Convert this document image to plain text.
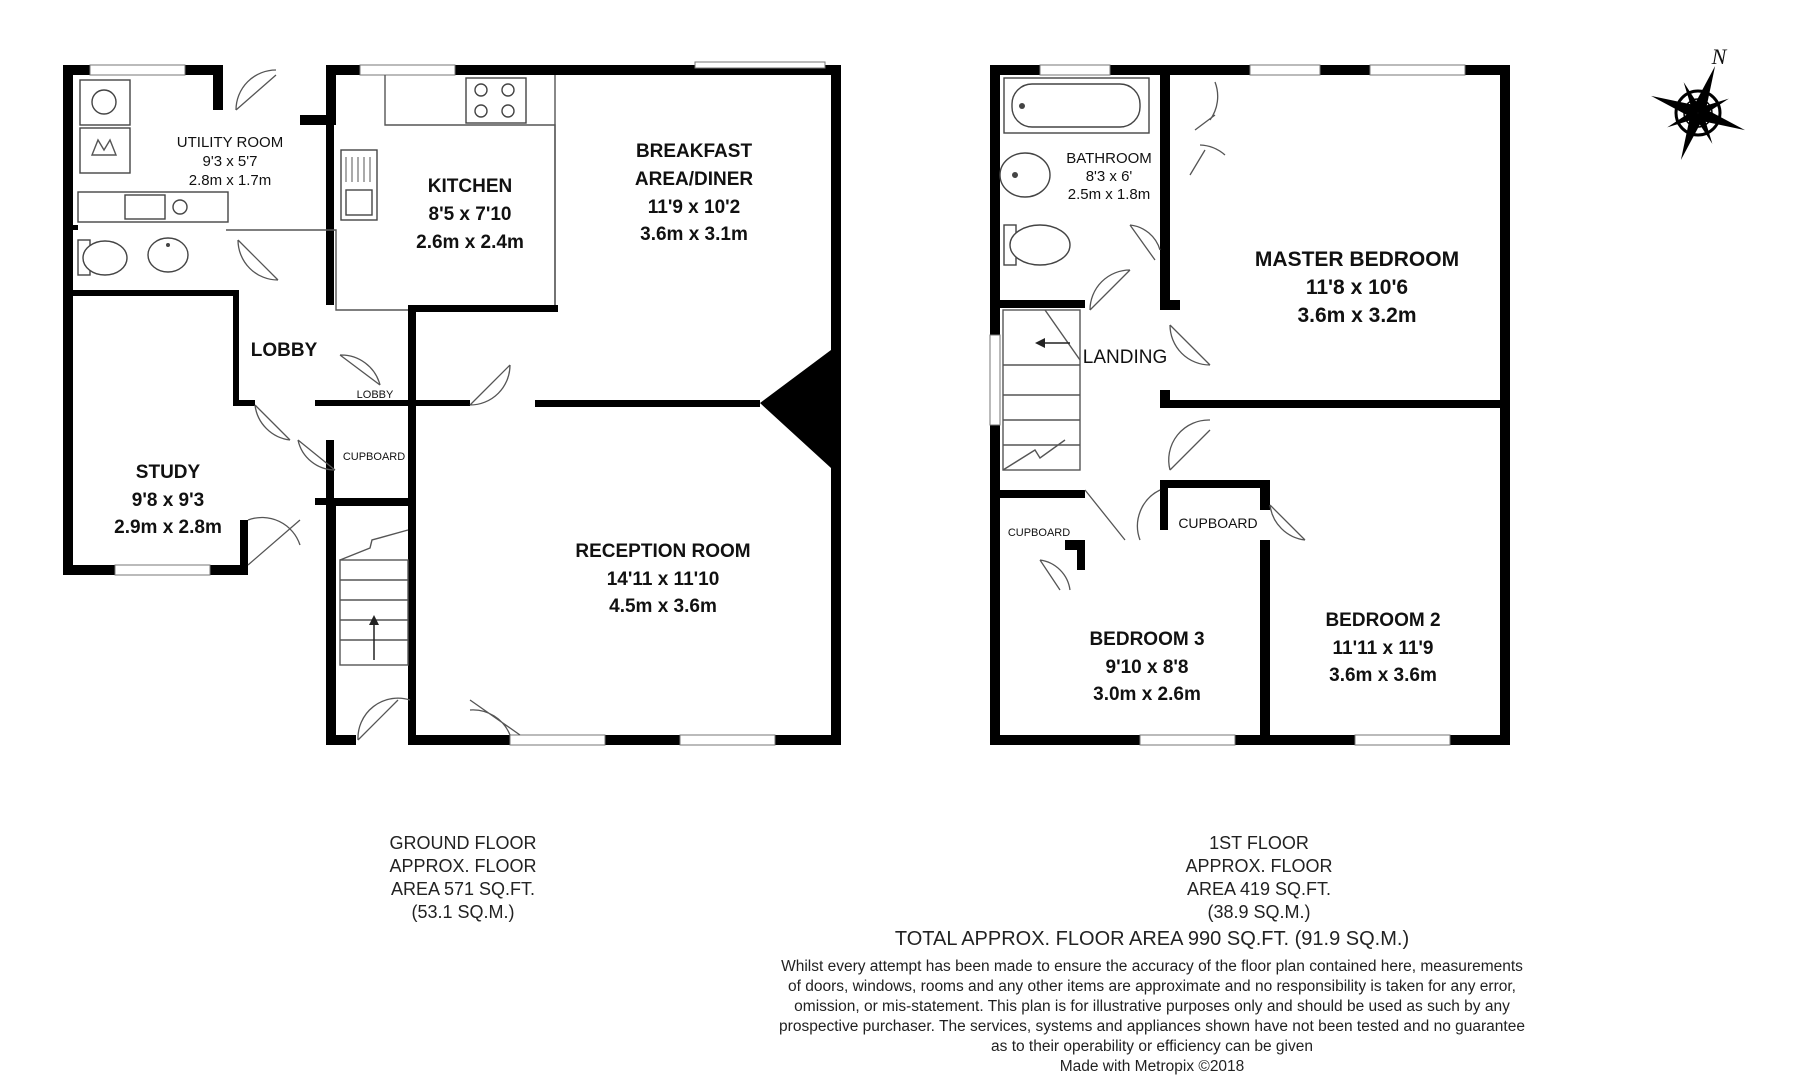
UTILITY ROOM
9'3 x 5'7
2.8m x 1.7m	KITCHEN
8'5 x 7'10
2.6m x 2.4m
BREAKFAST
AREA/DINER
11'9 x 10'2
3.6m x 3.1m
LOBBY
LOBBY
CUPBOARD
STUDY
9'8 x 9'3
2.9m x 2.8m
RECEPTION ROOM
14'11 x 11'10
4.5m x 3.6m
BATHROOM
8'3 x 6'
2.5m x 1.8m
MASTER BEDROOM
11'8 x 10'6
3.6m x 3.2m
LANDING
CUPBOARD
CUPBOARD
BEDROOM 3
9'10 x 8'8
3.0m x 2.6m
BEDROOM 2
11'11 x 11'9
3.6m x 3.6m
N
GROUND FLOOR
APPROX. FLOOR
AREA 571 SQ.FT.
(53.1 SQ.M.)
1ST FLOOR
APPROX. FLOOR
AREA 419 SQ.FT.
(38.9 SQ.M.)
TOTAL APPROX. FLOOR AREA 990 SQ.FT. (91.9 SQ.M.)
Whilst every attempt has been made to ensure the accuracy of the floor plan contained here, measurements
of doors, windows, rooms and any other items are approximate and no responsibility is taken for any error,
omission, or mis-statement. This plan is for illustrative purposes only and should be used as such by any
prospective purchaser. The services, systems and appliances shown have not been tested and no guarantee
as to their operability or efficiency can be given
Made with Metropix ©2018
